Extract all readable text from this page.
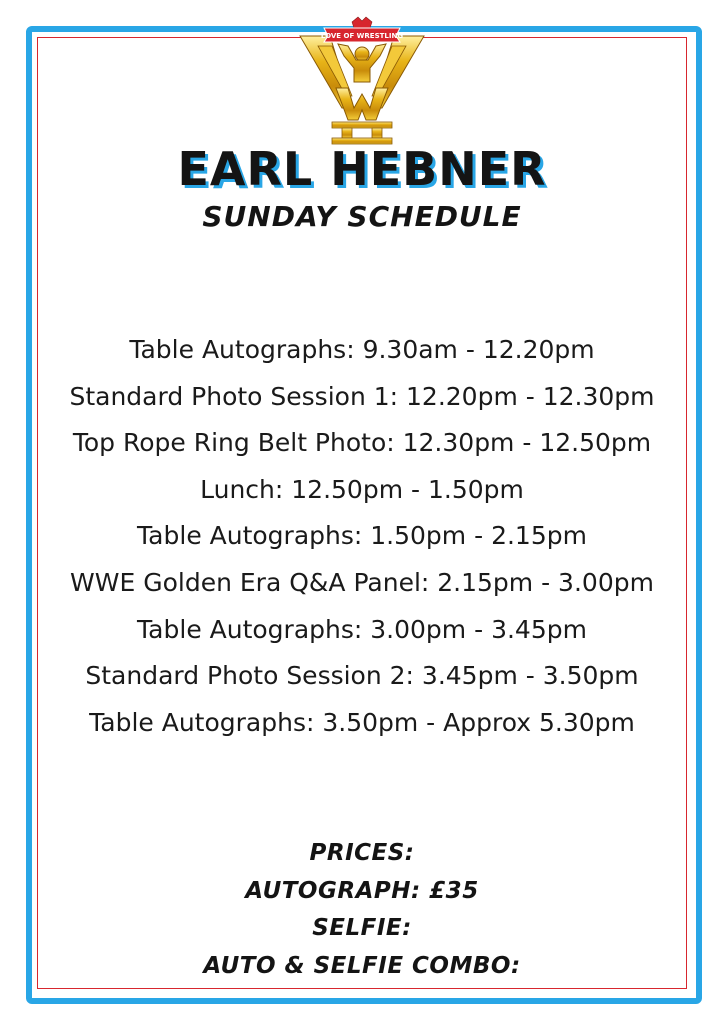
LOVE OF WRESTLING
EARL HEBNER
SUNDAY SCHEDULE
Table Autographs: 9.30am - 12.20pm
Standard Photo Session 1: 12.20pm - 12.30pm
Top Rope Ring Belt Photo: 12.30pm - 12.50pm
Lunch: 12.50pm - 1.50pm
Table Autographs: 1.50pm - 2.15pm
WWE Golden Era Q&A Panel: 2.15pm - 3.00pm
Table Autographs: 3.00pm - 3.45pm
Standard Photo Session 2: 3.45pm - 3.50pm
Table Autographs: 3.50pm - Approx 5.30pm
PRICES:
AUTOGRAPH: £35
SELFIE:
AUTO & SELFIE COMBO:
